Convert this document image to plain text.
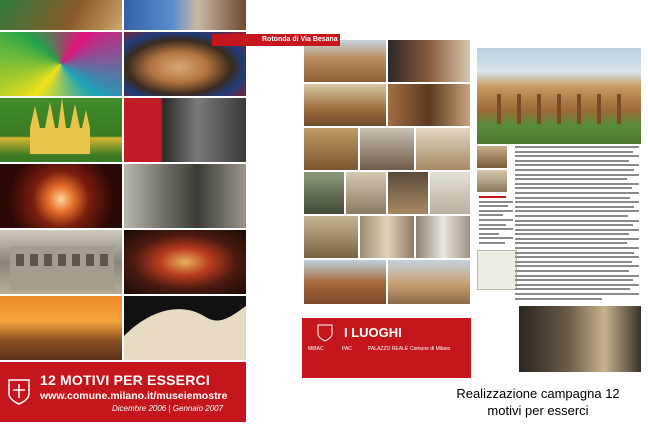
12 MOTIVI PER ESSERCI
www.comune.milano.it/museiemostre
Dicembre 2006 | Gennaio 2007
I LUOGHI
MiBAC	PAC	PALAZZO REALE Comune di Milano
Rotonda di Via Besana
Realizzazione campagna 12
motivi per esserci
